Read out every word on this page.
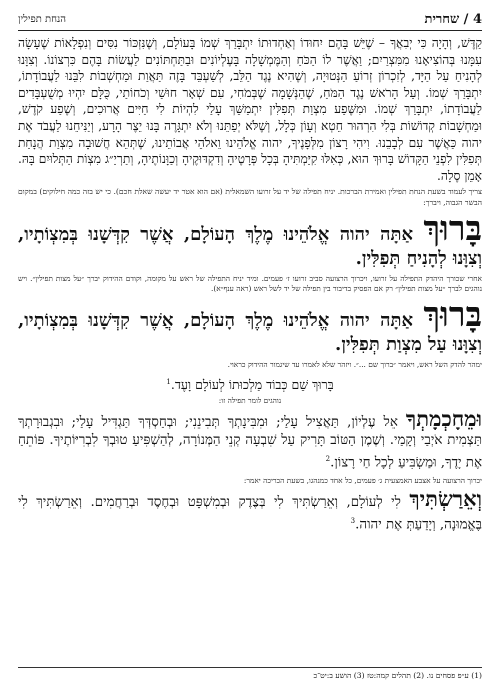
4 / שחרית
הנחת תפילין
קַדֶּשׁ, וְהָיָה כִּי יְבִאֲךָ – שֶׁיֵּשׁ בָּהֶם יִחוּדוֹ וְאַחְדוּתוֹ יִתְבָּרַךְ שְׁמוֹ בָּעוֹלָם, וְשֶׁנִּזְכּוֹר נִסִּים וְנִפְלָאוֹת שֶׁעָשָׂה עִמָּנוּ בְּהוֹצִיאָנוּ מִמִּצְרַיִם; וַאֲשֶׁר לוֹ הַכֹּחַ וְהַמֶּמְשָׁלָה בָּעֶלְיוֹנִים וּבַתַּחְתּוֹנִים לַעֲשׂוֹת בָּהֶם כִּרְצוֹנוֹ. וְצִוָּנוּ לְהָנִיחַ עַל הַיָּד, לְזִכְרוֹן זְרוֹעַ הַנְּטוּיָה, וְשֶׁהִיא נֶגֶד הַלֵּב, לְשַׁעְבֵּד בָּזֶה תַּאֲוַת וּמַחְשְׁבוֹת לִבֵּנוּ לַעֲבוֹדָתוֹ, יִתְבָּרַךְ שְׁמוֹ. וְעַל הָרֹאשׁ נֶגֶד הַמֹּחַ, שֶׁהַנְּשָׁמָה שֶׁבְּמֹחִי, עִם שְׁאָר חוּשַׁי וְכֹחוֹתַי, כֻּלָּם יִהְיוּ מְשֻׁעְבָּדִים לַעֲבוֹדָתוֹ, יִתְבָּרַךְ שְׁמוֹ. וּמִשֶּׁפַע מִצְוַת תְּפִלִּין יִתְמַשֵּׁךְ עָלַי לִהְיוֹת לִי חַיִּים אֲרוּכִים, וְשֶׁפַע קֹדֶשׁ, וּמַחְשָׁבוֹת קְדוֹשׁוֹת בְּלִי הִרְהוּר חֵטְא וְעָוֹן כְּלָל, וְשֶׁלֹּא יְפַתֵּנוּ וְלֹא יִתְגָּרֶה בָּנוּ יֵצֶר הָרָע, וְיַנִּיחֵנוּ לַעֲבֹד אֶת יהוה כַּאֲשֶׁר עִם לְבָבֵנוּ. וִיהִי רָצוֹן מִלְּפָנֶיךָ, יהוה אֱלֹהֵינוּ וֵאלֹהֵי אֲבוֹתֵינוּ, שֶׁתְּהֵא חֲשׁוּבָה מִצְוַת הֲנָחַת תְּפִלִּין לִפְנֵי הַקָּדוֹשׁ בָּרוּךְ הוּא, כְּאִלּוּ קִיַּמְתִּיהָ בְּכָל פְּרָטֶיהָ וְדִקְדּוּקֶיהָ וְכַוָּנוֹתֶיהָ, וְתַרְיַ״ג מִצְוֹת הַתְּלוּיִם בָּהּ. אָמֵן סֶלָה.
צריך לעמוד בשעת הנחת תפילין ואמירת הברכות. יניח תפילה של יד על זרועו השמאלית (אם הוא אטר יד יעשה שאלת חכם). כי יש בזה כמה חילוקים) במקום הבשר הגבוה, ויברך:
בָּרוּךְ אַתָּה יהוה אֱלֹהֵינוּ מֶלֶךְ הָעוֹלָם, אֲשֶׁר קִדְּשָׁנוּ בְּמִצְוֹתָיו, וְצִוָּנוּ לְהָנִיחַ תְּפִלִּין.
אחרי שכורך היהדק התפילה על זרועו, ויכרוך הרצועה סביב זרועו ז׳ פעמים. ומיד יניח התפילה של ראש על מקומה, וקודם ההידוק יברך ״על מצות תפילין״. ויש נוהגים לברך ״על מצות תפילין״ רק אם הפסיק בדיבור בין תפילה של יד לשל ראש (ראה ענף״א).
בָּרוּךְ אַתָּה יהוה אֱלֹהֵינוּ מֶלֶךְ הָעוֹלָם, אֲשֶׁר קִדְּשָׁנוּ בְּמִצְוֹתָיו, וְצִוָּנוּ עַל מִצְוַת תְּפִלִּין.
ימהר להדק השל ראש, ויאמר ״ברוך שם ...״. ויזהר שלא לאמרו עד שיגמור ההידוק כראוי.
בָּרוּךְ שֵׁם כְּבוֹד מַלְכוּתוֹ לְעוֹלָם וָעֶד.$^1$
נוהגים לומר תפילה זו:
וּמֵחָכְמָתְךָ אֵל עֶלְיוֹן, תַּאֲצִיל עָלַי; וּמִבִּינָתְךָ תְּבִינֵנִי; וּבְחַסְדְּךָ תַּגְדִּיל עָלַי; וּבִגְבוּרָתְךָ תַּצְמִית אֹיְבַי וְקָמַי. וְשֶׁמֶן הַטּוֹב תָּרִיק עַל שִׁבְעָה קְנֵי הַמְּנוֹרָה, לְהַשְׁפִּיעַ טוּבְךָ לִבְרִיּוֹתֶיךָ. פּוֹתֵחַ אֶת יָדֶךָ, וּמַשְׂבִּיעַ לְכָל חַי רָצוֹן.$^2$
יכרוך הרצועה על אצבע האמצעית ג׳ פעמים, כל אחד כמנהגו, בשעת הכריכה יאמר:
וְאֵרַשְׂתִּיךְ לִי לְעוֹלָם, וְאֵרַשְׂתִּיךְ לִי בְּצֶדֶק וּבְמִשְׁפָּט וּבְחֶסֶד וּבְרַחֲמִים. וְאֵרַשְׂתִּיךְ לִי בֶּאֱמוּנָה, וְיָדַעַתְּ אֶת יהוה.$^3$
(1) ע״פ פסחים נו. (2) תהלים קמה:טז (3) הושע ב:יט־כ
